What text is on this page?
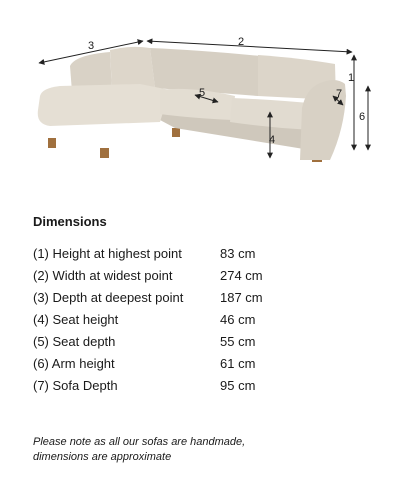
1
2
3
4
5
6
7
Dimensions
(1) Height at highest point	83 cm
(2) Width at widest point	274 cm
(3) Depth at deepest point	187 cm
(4) Seat height	46 cm
(5) Seat depth	55 cm
(6) Arm height	61 cm
(7) Sofa Depth	95 cm

Please note as all our sofas are handmade,
dimensions are approximate
